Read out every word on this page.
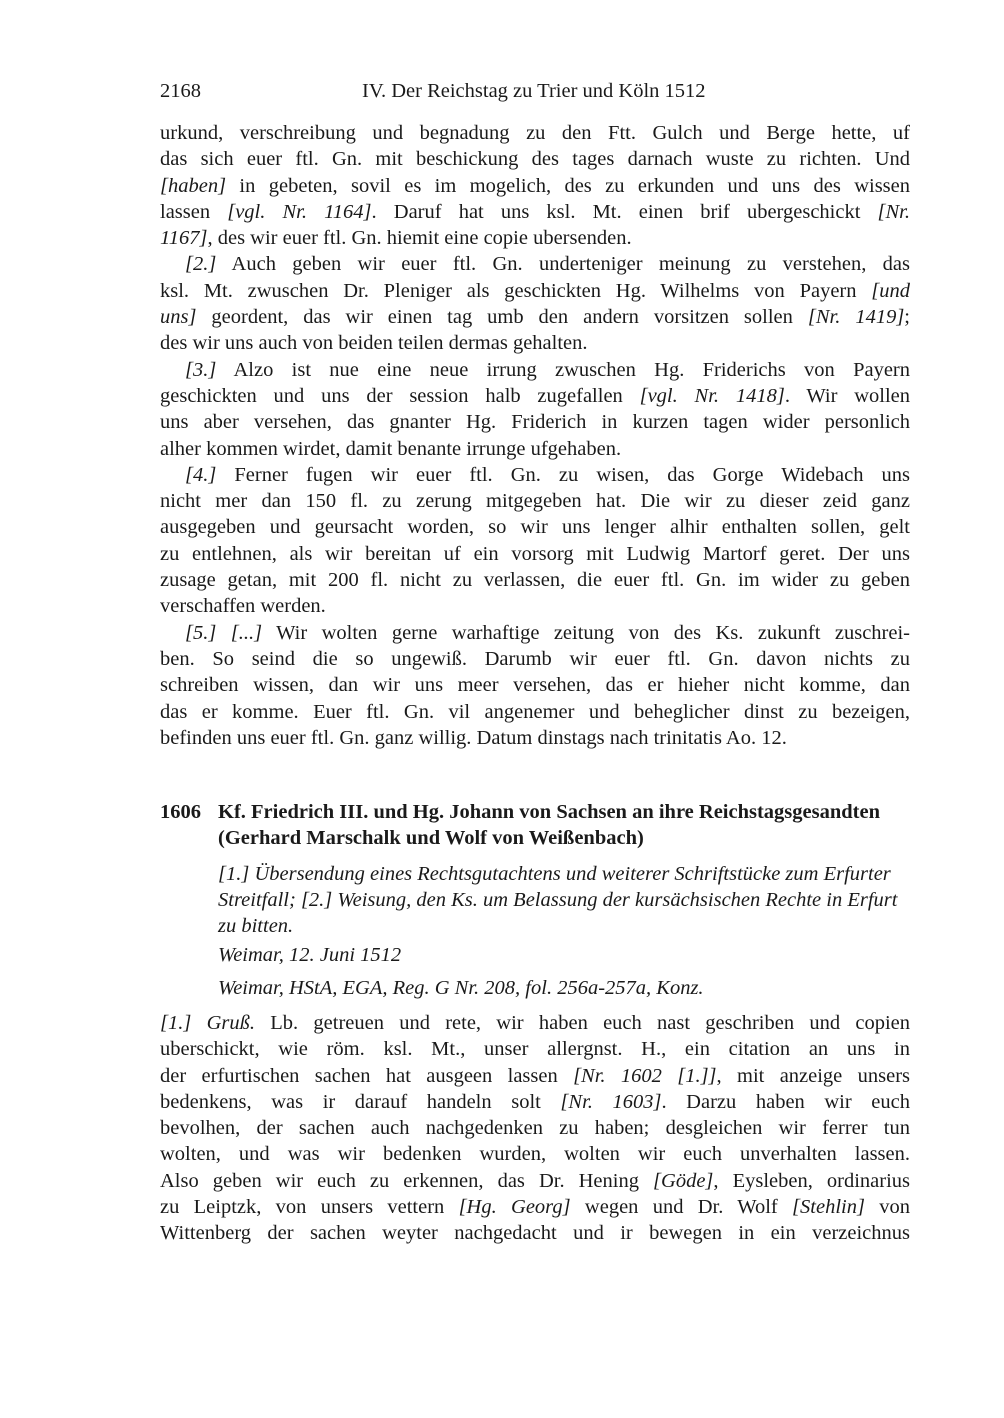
2168	IV. Der Reichstag zu Trier und Köln 1512
urkund, verschreibung und begnadung zu den Ftt. Gulch und Berge hette, uf
das sich euer ftl. Gn. mit beschickung des tages darnach wuste zu richten. Und
[haben] in gebeten, sovil es im mogelich, des zu erkunden und uns des wissen
lassen [vgl. Nr. 1164]. Daruf hat uns ksl. Mt. einen brif ubergeschickt [Nr.
1167], des wir euer ftl. Gn. hiemit eine copie ubersenden.
[2.] Auch geben wir euer ftl. Gn. underteniger meinung zu verstehen, das
ksl. Mt. zwuschen Dr. Pleniger als geschickten Hg. Wilhelms von Payern [und
uns] geordent, das wir einen tag umb den andern vorsitzen sollen [Nr. 1419];
des wir uns auch von beiden teilen dermas gehalten.
[3.] Alzo ist nue eine neue irrung zwuschen Hg. Friderichs von Payern
geschickten und uns der session halb zugefallen [vgl. Nr. 1418]. Wir wollen
uns aber versehen, das gnanter Hg. Friderich in kurzen tagen wider personlich
alher kommen wirdet, damit benante irrunge ufgehaben.
[4.] Ferner fugen wir euer ftl. Gn. zu wisen, das Gorge Widebach uns
nicht mer dan 150 fl. zu zerung mitgegeben hat. Die wir zu dieser zeid ganz
ausgegeben und geursacht worden, so wir uns lenger alhir enthalten sollen, gelt
zu entlehnen, als wir bereitan uf ein vorsorg mit Ludwig Martorf geret. Der uns
zusage getan, mit 200 fl. nicht zu verlassen, die euer ftl. Gn. im wider zu geben
verschaffen werden.
[5.] [...] Wir wolten gerne warhaftige zeitung von des Ks. zukunft zuschrei-
ben. So seind die so ungewiß. Darumb wir euer ftl. Gn. davon nichts zu
schreiben wissen, dan wir uns meer versehen, das er hieher nicht komme, dan
das er komme. Euer ftl. Gn. vil angenemer und beheglicher dinst zu bezeigen,
befinden uns euer ftl. Gn. ganz willig. Datum dinstags nach trinitatis Ao. 12.
1606 Kf. Friedrich III. und Hg. Johann von Sachsen an ihre Reichstagsgesandten (Gerhard Marschalk und Wolf von Weißenbach)
[1.] Übersendung eines Rechtsgutachtens und weiterer Schriftstücke zum Erfurter Streitfall; [2.] Weisung, den Ks. um Belassung der kursächsischen Rechte in Erfurt zu bitten.
Weimar, 12. Juni 1512
Weimar, HStA, EGA, Reg. G Nr. 208, fol. 256a-257a, Konz.
[1.] Gruß. Lb. getreuen und rete, wir haben euch nast geschriben und copien
uberschickt, wie röm. ksl. Mt., unser allergnst. H., ein citation an uns in
der erfurtischen sachen hat ausgeen lassen [Nr. 1602 [1.]], mit anzeige unsers
bedenkens, was ir darauf handeln solt [Nr. 1603]. Darzu haben wir euch
bevolhen, der sachen auch nachgedenken zu haben; desgleichen wir ferrer tun
wolten, und was wir bedenken wurden, wolten wir euch unverhalten lassen.
Also geben wir euch zu erkennen, das Dr. Hening [Göde], Eysleben, ordinarius
zu Leiptzk, von unsers vettern [Hg. Georg] wegen und Dr. Wolf [Stehlin] von
Wittenberg der sachen weyter nachgedacht und ir bewegen in ein verzeichnus
